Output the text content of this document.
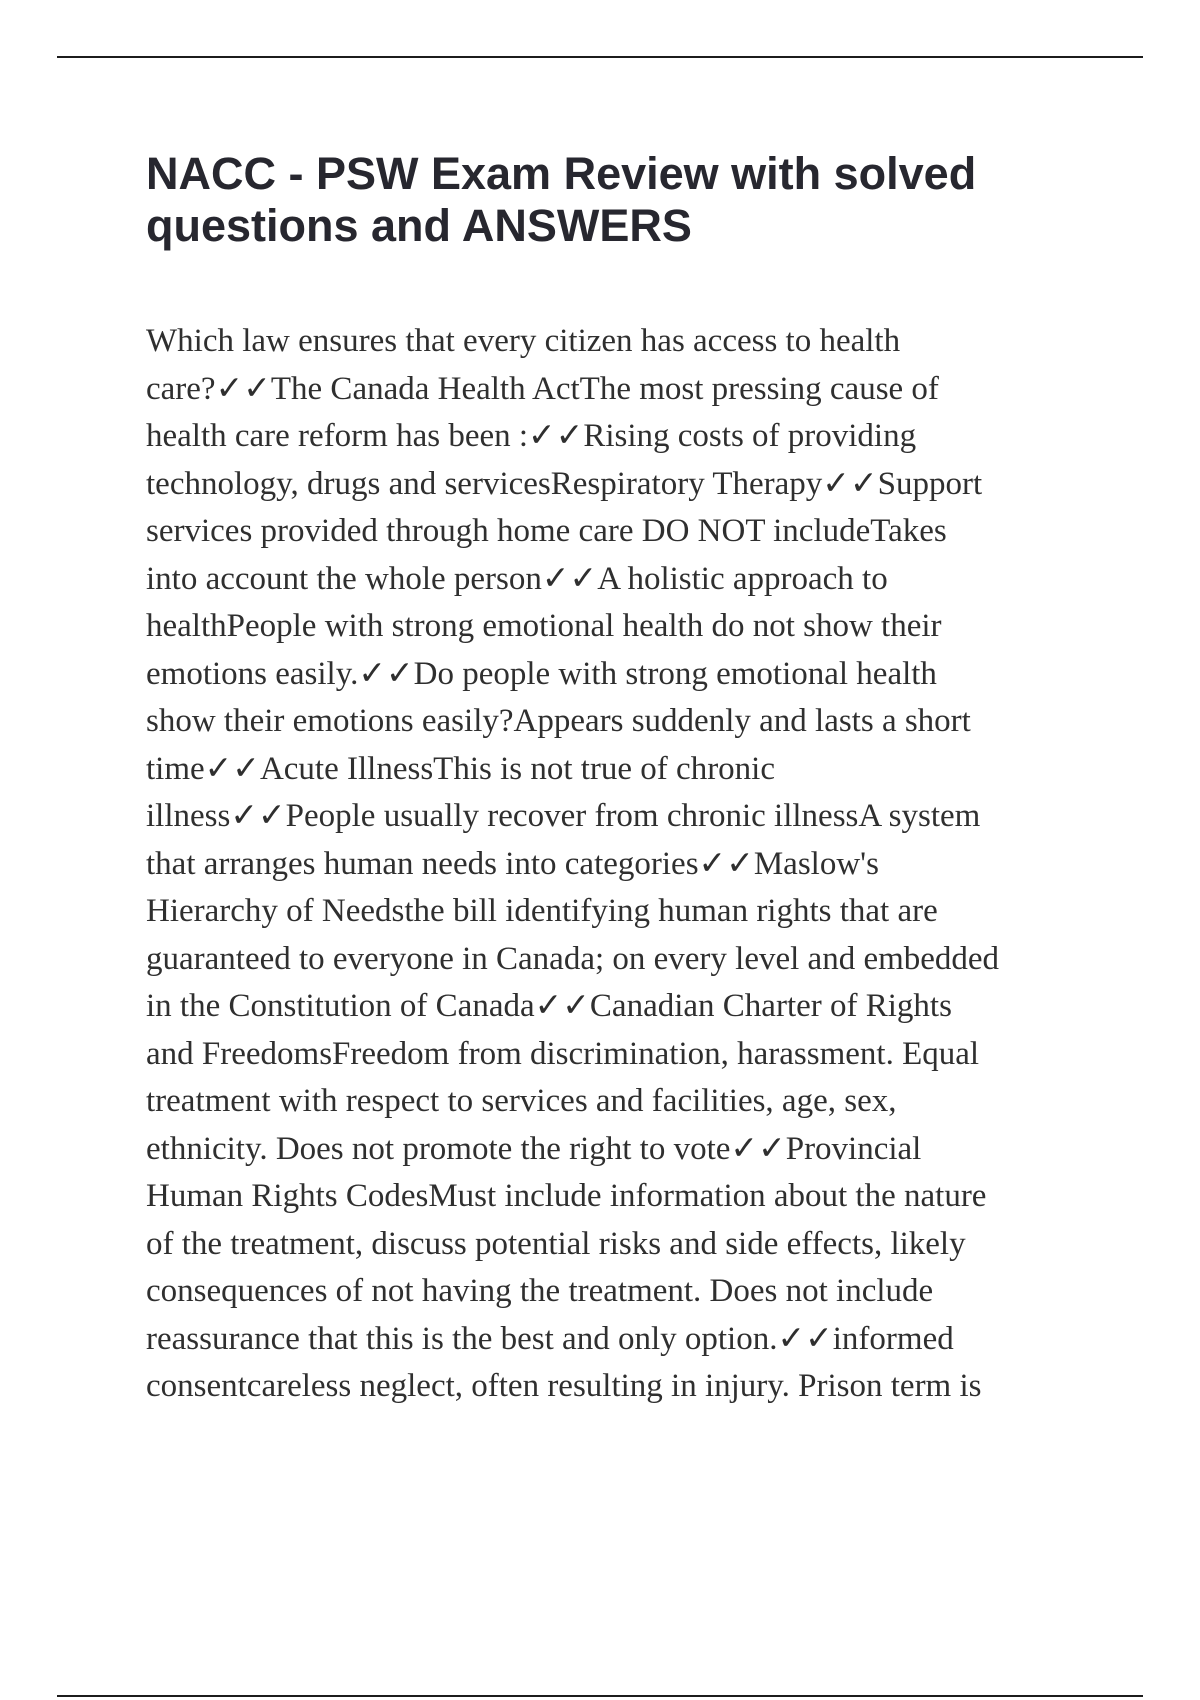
NACC - PSW Exam Review with solved
questions and ANSWERS
Which law ensures that every citizen has access to health
care?✓✓The Canada Health ActThe most pressing cause of
health care reform has been :✓✓Rising costs of providing
technology, drugs and servicesRespiratory Therapy✓✓Support
services provided through home care DO NOT includeTakes
into account the whole person✓✓A holistic approach to
healthPeople with strong emotional health do not show their
emotions easily.✓✓Do people with strong emotional health
show their emotions easily?Appears suddenly and lasts a short
time✓✓Acute IllnessThis is not true of chronic
illness✓✓People usually recover from chronic illnessA system
that arranges human needs into categories✓✓Maslow's
Hierarchy of Needsthe bill identifying human rights that are
guaranteed to everyone in Canada; on every level and embedded
in the Constitution of Canada✓✓Canadian Charter of Rights
and FreedomsFreedom from discrimination, harassment. Equal
treatment with respect to services and facilities, age, sex,
ethnicity. Does not promote the right to vote✓✓Provincial
Human Rights CodesMust include information about the nature
of the treatment, discuss potential risks and side effects, likely
consequences of not having the treatment. Does not include
reassurance that this is the best and only option.✓✓informed
consentcareless neglect, often resulting in injury. Prison term is
